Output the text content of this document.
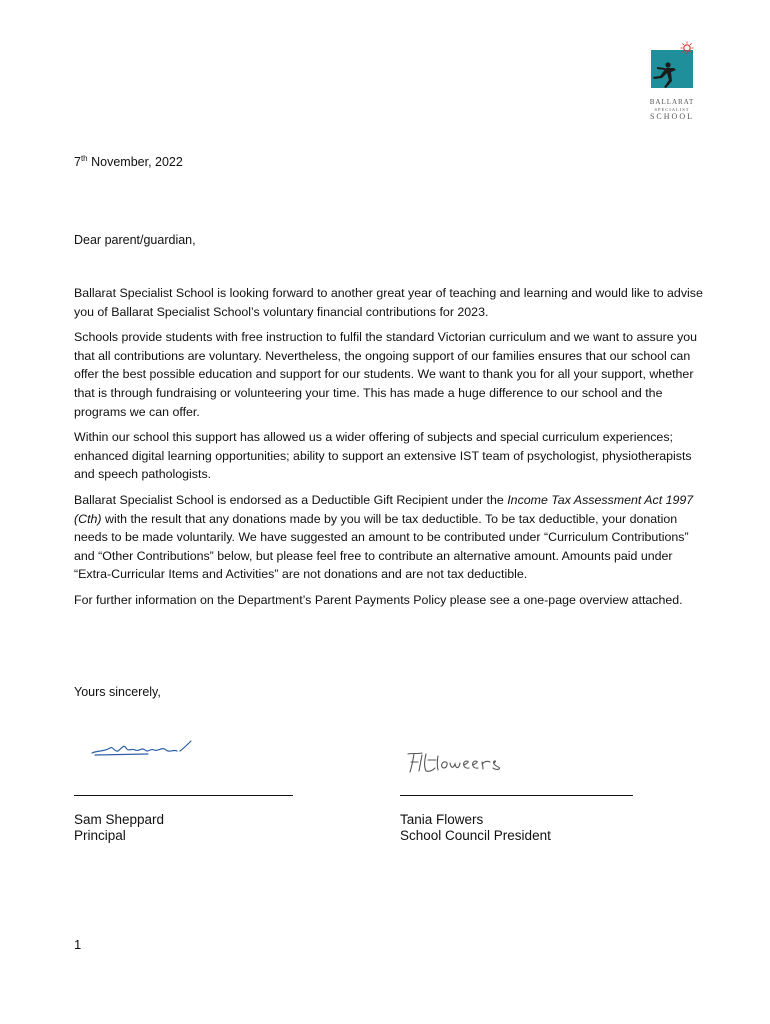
BALLARAT
SPECIALIST
SCHOOL
7th November, 2022
Dear parent/guardian,

Ballarat Specialist School is looking forward to another great year of teaching and learning and would like to advise you of Ballarat Specialist School’s voluntary financial contributions for 2023.

Schools provide students with free instruction to fulfil the standard Victorian curriculum and we want to assure you that all contributions are voluntary. Nevertheless, the ongoing support of our families ensures that our school can offer the best possible education and support for our students. We want to thank you for all your support, whether that is through fundraising or volunteering your time. This has made a huge difference to our school and the programs we can offer.

Within our school this support has allowed us a wider offering of subjects and special curriculum experiences; enhanced digital learning opportunities; ability to support an extensive IST team of psychologist, physiotherapists and speech pathologists.

Ballarat Specialist School is endorsed as a Deductible Gift Recipient under the Income Tax Assessment Act 1997 (Cth) with the result that any donations made by you will be tax deductible. To be tax deductible, your donation needs to be made voluntarily. We have suggested an amount to be contributed under “Curriculum Contributions” and “Other Contributions” below, but please feel free to contribute an alternative amount. Amounts paid under “Extra-Curricular Items and Activities” are not donations and are not tax deductible.

For further information on the Department’s Parent Payments Policy please see a one-page overview attached.

Yours sincerely,
Sam Sheppard
Principal
Tania Flowers
School Council President
1
